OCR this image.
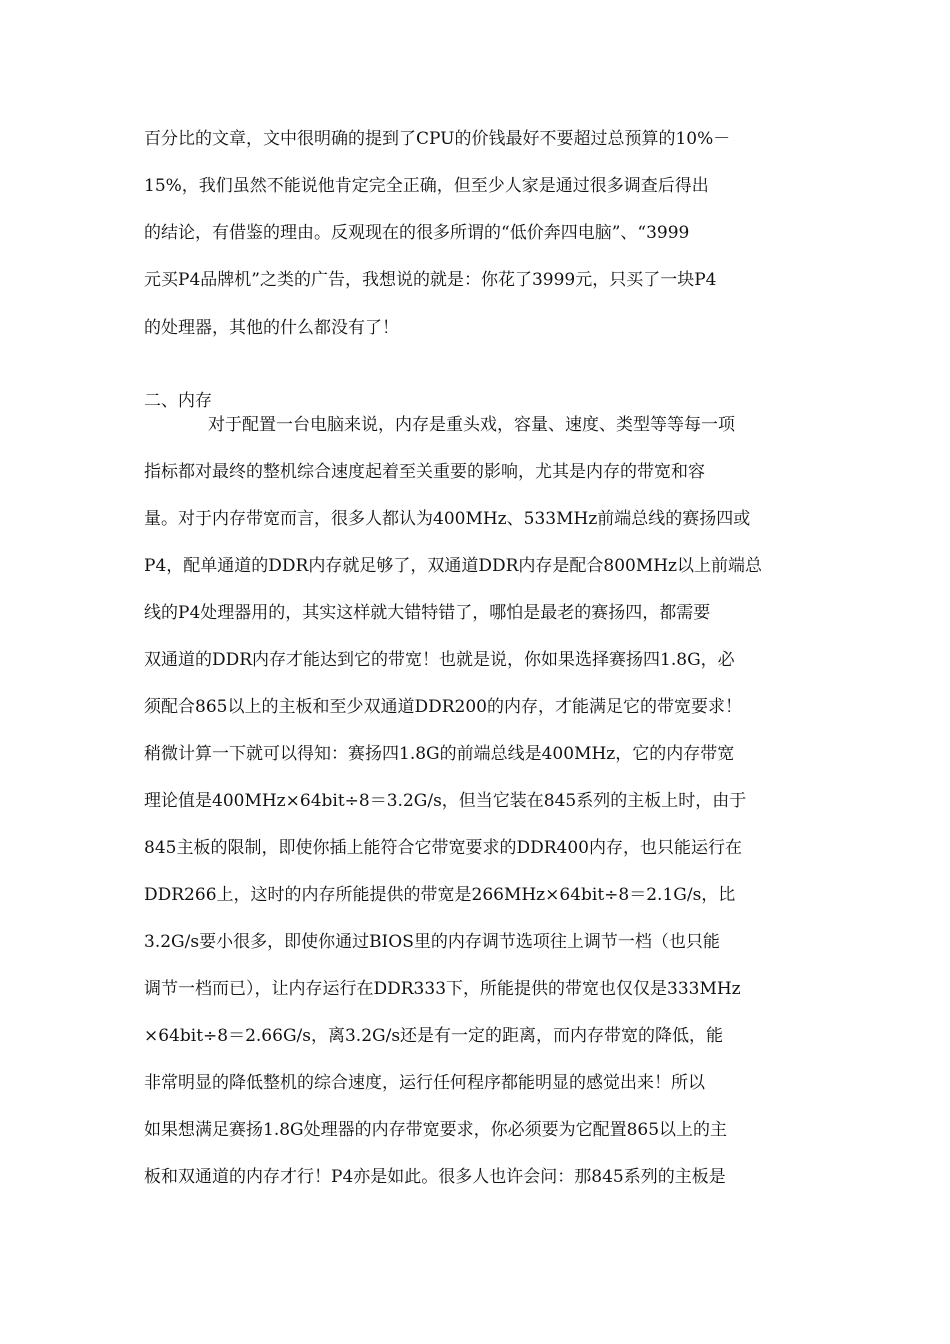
百分比的文章，文中很明确的提到了CPU的价钱最好不要超过总预算的10%－

15%，我们虽然不能说他肯定完全正确，但至少人家是通过很多调查后得出

的结论，有借鉴的理由。反观现在的很多所谓的“低价奔四电脑”、“3999

元买P4品牌机”之类的广告，我想说的就是：你花了3999元，只买了一块P4

的处理器，其他的什么都没有了！

二、内存

对于配置一台电脑来说，内存是重头戏，容量、速度、类型等等每一项

指标都对最终的整机综合速度起着至关重要的影响，尤其是内存的带宽和容

量。对于内存带宽而言，很多人都认为400MHz、533MHz前端总线的赛扬四或

P4，配单通道的DDR内存就足够了，双通道DDR内存是配合800MHz以上前端总

线的P4处理器用的，其实这样就大错特错了，哪怕是最老的赛扬四，都需要

双通道的DDR内存才能达到它的带宽！也就是说，你如果选择赛扬四1.8G，必

须配合865以上的主板和至少双通道DDR200的内存，才能满足它的带宽要求！

稍微计算一下就可以得知：赛扬四1.8G的前端总线是400MHz，它的内存带宽

理论值是400MHz×64bit÷8＝3.2G/s，但当它装在845系列的主板上时，由于

845主板的限制，即使你插上能符合它带宽要求的DDR400内存，也只能运行在

DDR266上，这时的内存所能提供的带宽是266MHz×64bit÷8＝2.1G/s，比

3.2G/s要小很多，即使你通过BIOS里的内存调节选项往上调节一档（也只能

调节一档而已），让内存运行在DDR333下，所能提供的带宽也仅仅是333MHz

×64bit÷8＝2.66G/s，离3.2G/s还是有一定的距离，而内存带宽的降低，能

非常明显的降低整机的综合速度，运行任何程序都能明显的感觉出来！所以

如果想满足赛扬1.8G处理器的内存带宽要求，你必须要为它配置865以上的主

板和双通道的内存才行！P4亦是如此。很多人也许会问：那845系列的主板是
